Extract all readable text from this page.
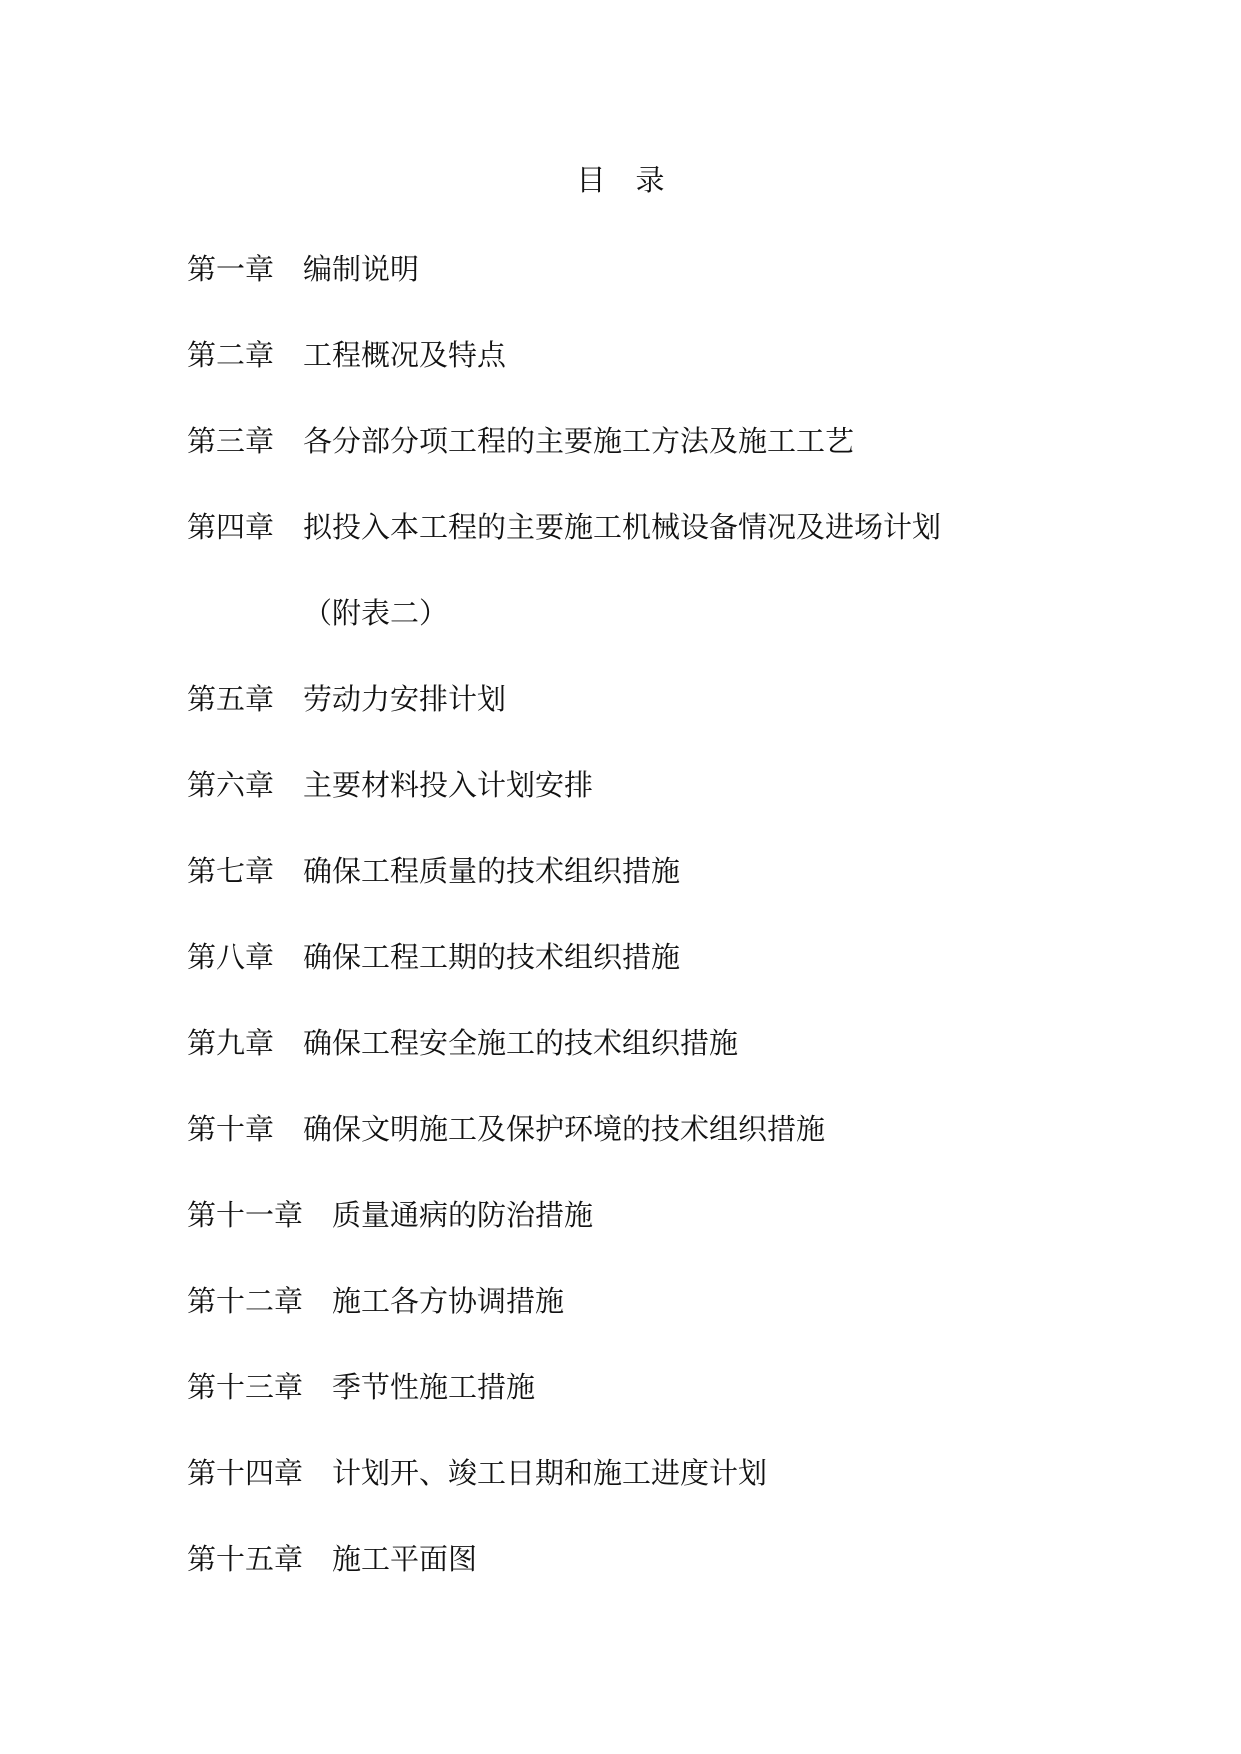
目 录
第一章 编制说明
第二章 工程概况及特点
第三章 各分部分项工程的主要施工方法及施工工艺
第四章 拟投入本工程的主要施工机械设备情况及进场计划
（附表二）
第五章 劳动力安排计划
第六章 主要材料投入计划安排
第七章 确保工程质量的技术组织措施
第八章 确保工程工期的技术组织措施
第九章 确保工程安全施工的技术组织措施
第十章 确保文明施工及保护环境的技术组织措施
第十一章 质量通病的防治措施
第十二章 施工各方协调措施
第十三章 季节性施工措施
第十四章 计划开、竣工日期和施工进度计划
第十五章 施工平面图
